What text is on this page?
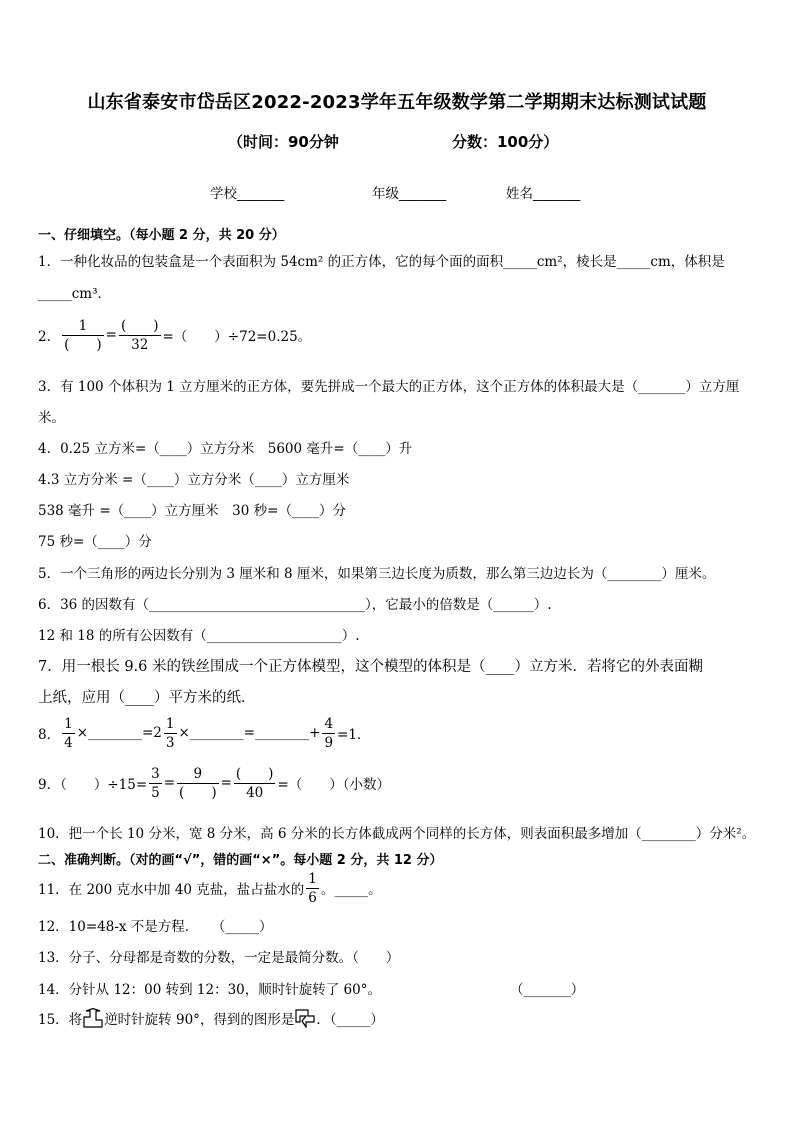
山东省泰安市岱岳区2022-2023学年五年级数学第二学期期末达标测试试题
（时间：90分钟	分数：100分）
学校_______	年级_______	姓名_______
一、仔细填空。（每小题 2 分，共 20 分）
1．一种化妆品的包装盒是一个表面积为 54cm² 的正方体，它的每个面的面积_____cm²，棱长是_____cm，体积是
_____cm³．
2． $\frac{1}{( )} = \frac{( )}{32}$ =（　　）÷72=0.25。
3．有 100 个体积为 1 立方厘米的正方体，要先拼成一个最大的正方体，这个正方体的体积最大是（_______）立方厘
米。
4．0.25 立方米=（____）立方分米　5600 毫升=（____）升
4.3 立方分米 =（____）立方分米（____）立方厘米
538 毫升 =（____）立方厘米　30 秒=（____）分
75 秒=（____）分
5．一个三角形的两边长分别为 3 厘米和 8 厘米，如果第三边长度为质数，那么第三边边长为（________）厘米。
6．36 的因数有（________________________________），它最小的倍数是（______）.
12 和 18 的所有公因数有（____________________）.
7．用一根长 9.6 米的铁丝围成一个正方体模型，这个模型的体积是（____）立方米．若将它的外表面糊
上纸，应用（____）平方米的纸．
8． $\frac{1}{4}$ ×________=2 $\frac{1}{3}$ ×________=________+ $\frac{4}{9} =1$．
9．（　　）$\div 15= \frac{3}{5} = \frac{9}{( )} = \frac{( )}{40}$ =（　　）（小数）
10．把一个长 10 分米，宽 8 分米，高 6 分米的长方体截成两个同样的长方体，则表面积最多增加（________）分米²。
二、准确判断。（对的画“√”，错的画“×”。每小题 2 分，共 12 分）
11．在 200 克水中加 40 克盐，盐占盐水的 $\frac{1}{6}$ 。_____。
12．10=48-x 不是方程．　　（_____）
13．分子、分母都是奇数的分数，一定是最简分数。（　　）
14．分针从 12：00 转到 12：30，顺时针旋转了 60°。	（_______）
15．将 逆时针旋转 90°，得到的图形是 ．（_____）
